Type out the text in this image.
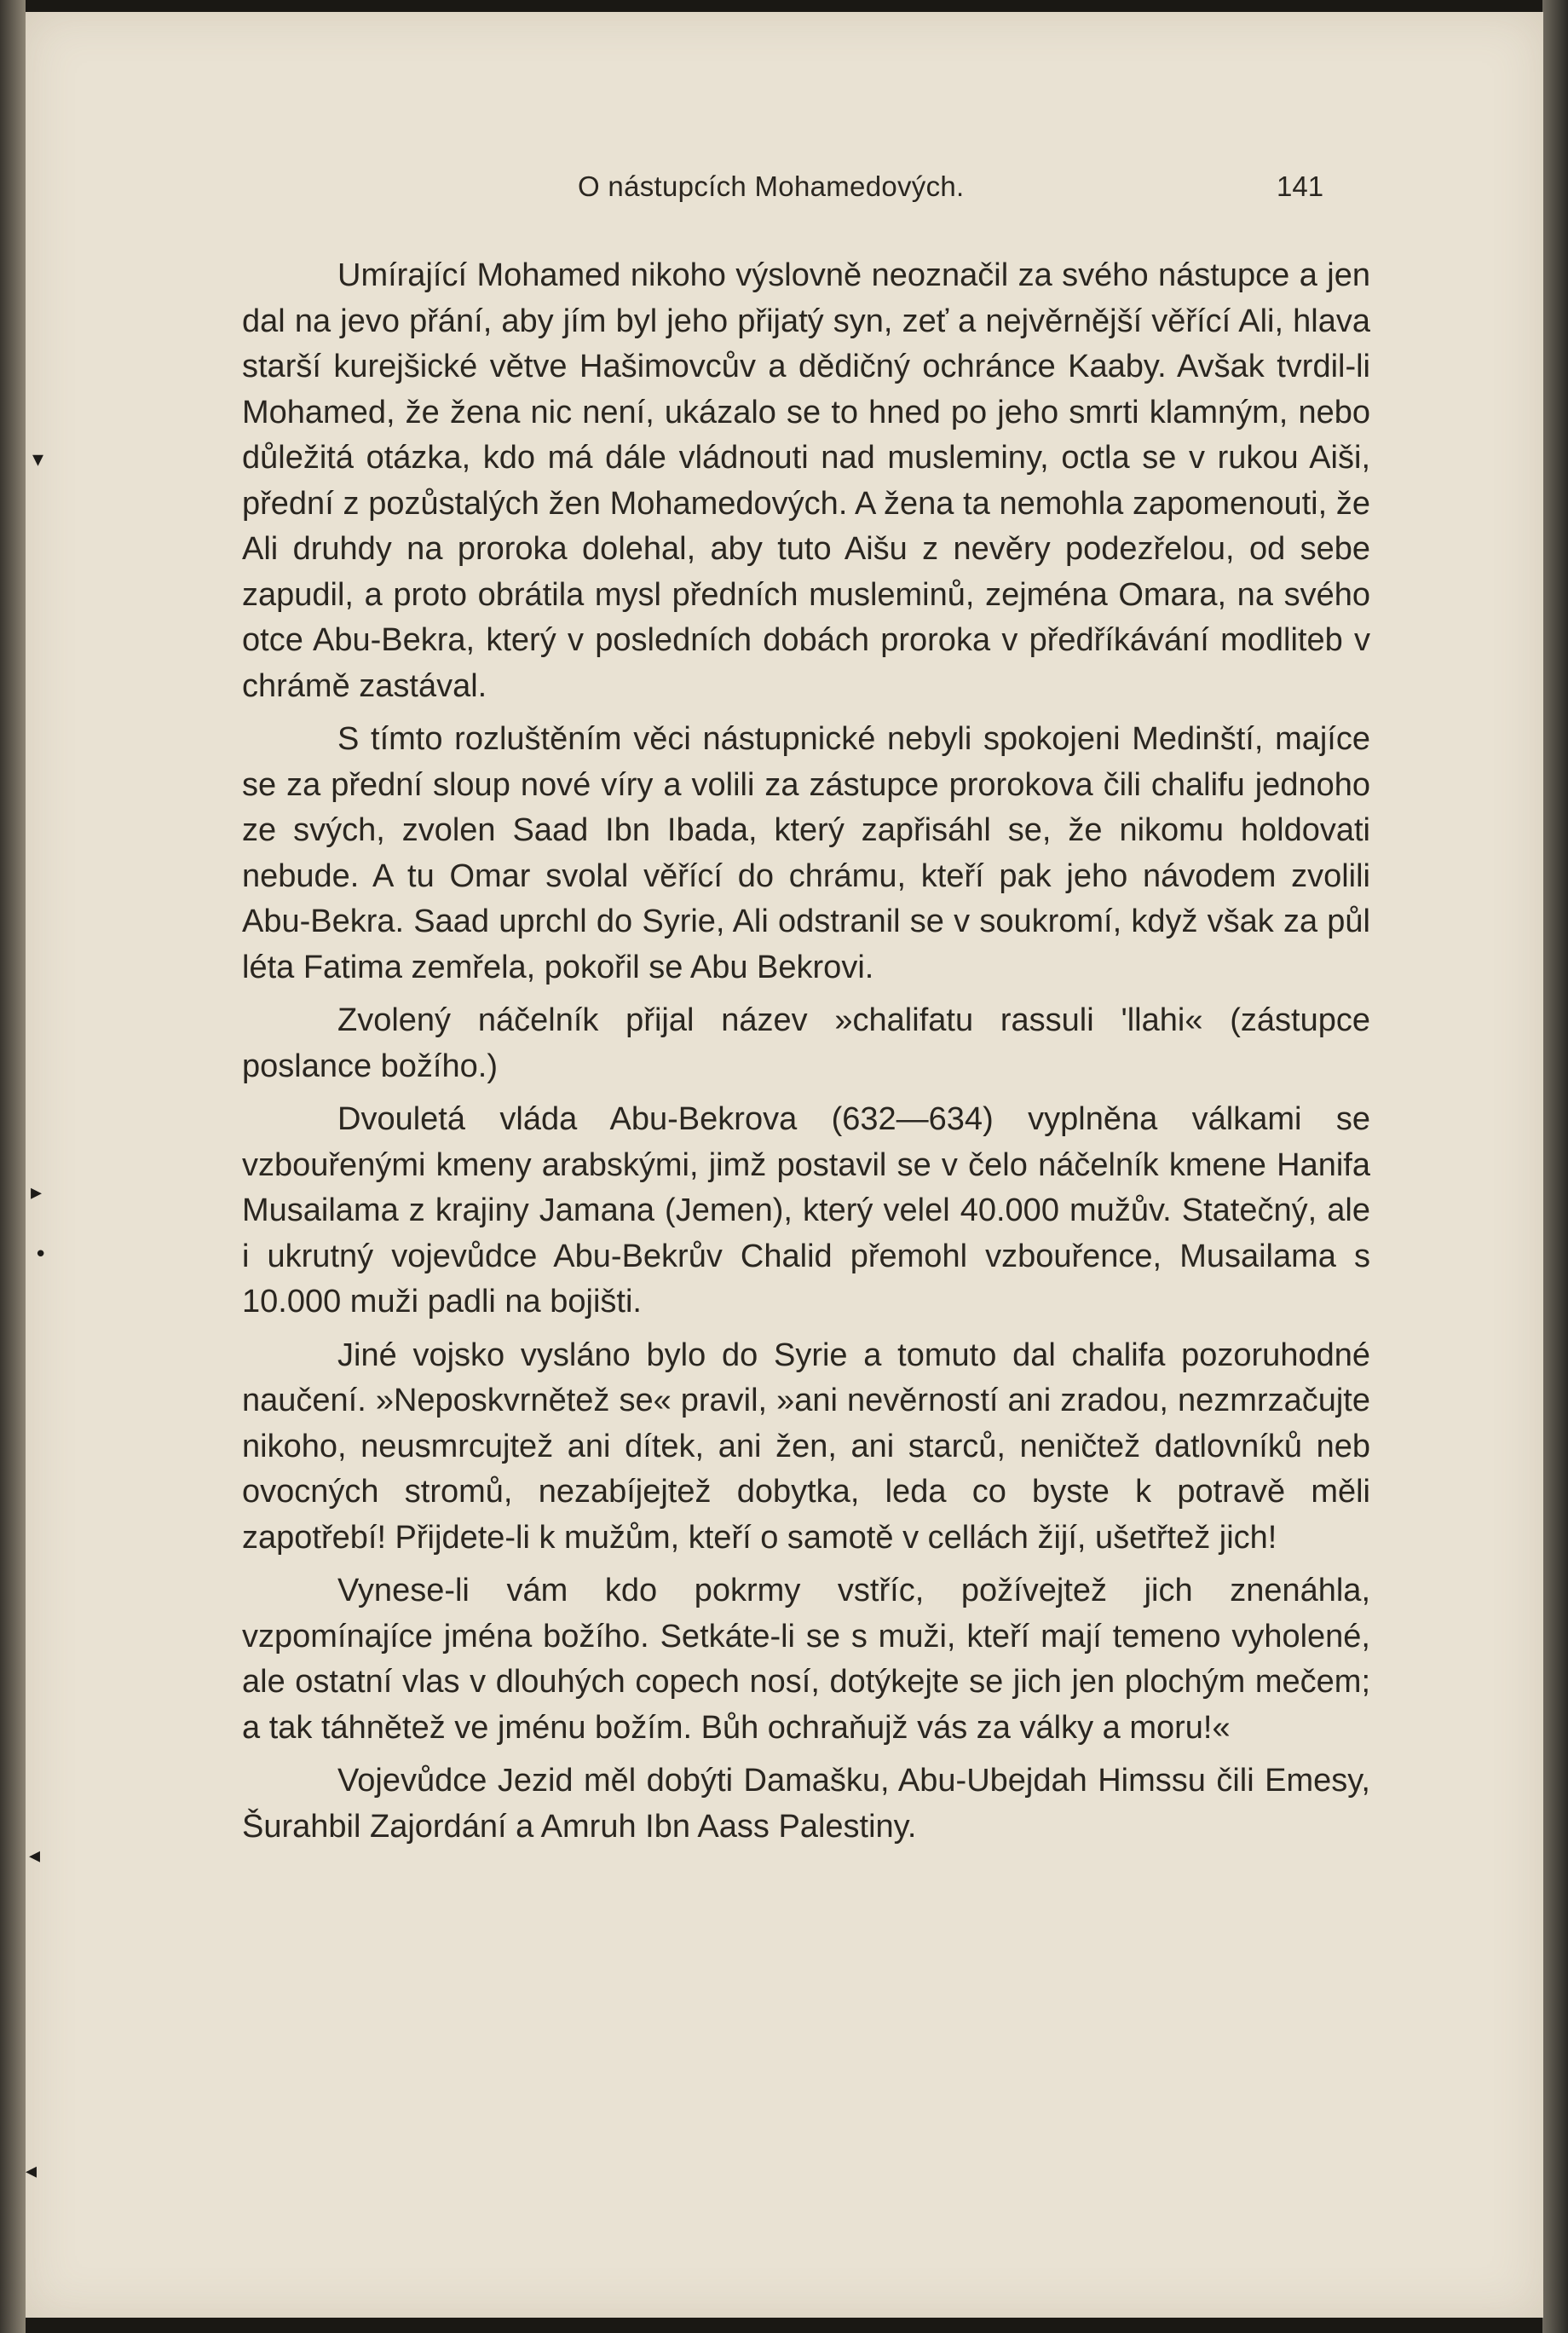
▾
▸
•
◂
◂
O nástupcích Mohamedových.	141

Umírající Mohamed nikoho výslovně neoznačil za svého nástupce a jen dal na jevo přání, aby jím byl jeho přijatý syn, zeť a nejvěrnější věřící Ali, hlava starší kurejšické větve Hašimovcův a dědičný ochránce Kaaby. Avšak tvrdil-li Mohamed, že žena nic není, ukázalo se to hned po jeho smrti klamným, nebo důležitá otázka, kdo má dále vládnouti nad musleminy, octla se v rukou Aiši, přední z pozůstalých žen Mohamedových. A žena ta nemohla zapomenouti, že Ali druhdy na proroka dolehal, aby tuto Aišu z nevěry podezřelou, od sebe zapudil, a proto obrátila mysl předních musleminů, zejména Omara, na svého otce Abu-Bekra, který v posledních dobách proroka v předříkávání modliteb v chrámě zastával.

S tímto rozluštěním věci nástupnické nebyli spokojeni Medinští, majíce se za přední sloup nové víry a volili za zástupce prorokova čili chalifu jednoho ze svých, zvolen Saad Ibn Ibada, který zapřisáhl se, že nikomu holdovati nebude. A tu Omar svolal věřící do chrámu, kteří pak jeho návodem zvolili Abu-Bekra. Saad uprchl do Syrie, Ali odstranil se v soukromí, když však za půl léta Fatima zemřela, pokořil se Abu Bekrovi.

Zvolený náčelník přijal název »chalifatu rassuli 'llahi« (zástupce poslance božího.)

Dvouletá vláda Abu-Bekrova (632—634) vyplněna válkami se vzbouřenými kmeny arabskými, jimž postavil se v čelo náčelník kmene Hanifa Musailama z krajiny Jamana (Jemen), který velel 40.000 mužův. Statečný, ale i ukrutný vojevůdce Abu-Bekrův Chalid přemohl vzbouřence, Musailama s 10.000 muži padli na bojišti.

Jiné vojsko vysláno bylo do Syrie a tomuto dal chalifa pozoruhodné naučení. »Neposkvrnětež se« pravil, »ani nevěrností ani zradou, nezmrzačujte nikoho, neusmrcujtež ani dítek, ani žen, ani starců, neničtež datlovníků neb ovocných stromů, nezabíjejtež dobytka, leda co byste k potravě měli zapotřebí! Přijdete-li k mužům, kteří o samotě v cellách žijí, ušetřtež jich!

Vynese-li vám kdo pokrmy vstříc, požívejtež jich znenáhla, vzpomínajíce jména božího. Setkáte-li se s muži, kteří mají temeno vyholené, ale ostatní vlas v dlouhých copech nosí, dotýkejte se jich jen plochým mečem; a tak táhnětež ve jménu božím. Bůh ochraňujž vás za války a moru!«

Vojevůdce Jezid měl dobýti Damašku, Abu-Ubejdah Himssu čili Emesy, Šurahbil Zajordání a Amruh Ibn Aass Palestiny.
